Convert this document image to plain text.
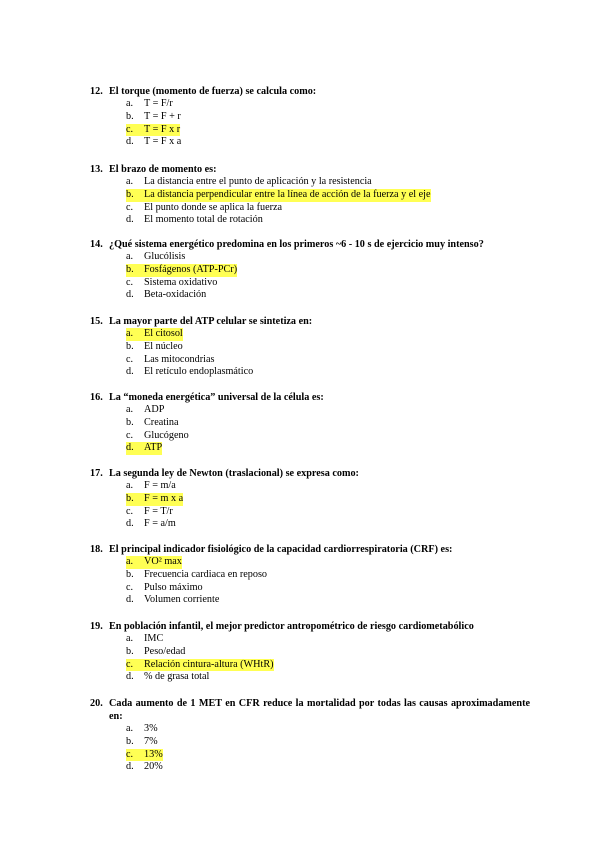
12. El torque (momento de fuerza) se calcula como:
a.	T = F/r
b.	T = F + r
c.	T = F x r
d.	T = F x a
13. El brazo de momento es:
a.	La distancia entre el punto de aplicación y la resistencia
b.	La distancia perpendicular entre la línea de acción de la fuerza y el eje
c.	El punto donde se aplica la fuerza
d.	El momento total de rotación
14. ¿Qué sistema energético predomina en los primeros ~6 - 10 s de ejercicio muy intenso?
a.	Glucólisis
b.	Fosfágenos (ATP-PCr)
c.	Sistema oxidativo
d.	Beta-oxidación
15. La mayor parte del ATP celular se sintetiza en:
a.	El citosol
b.	El núcleo
c.	Las mitocondrias
d.	El retículo endoplasmático
16. La “moneda energética” universal de la célula es:
a.	ADP
b.	Creatina
c.	Glucógeno
d.	ATP
17. La segunda ley de Newton (traslacional) se expresa como:
a.	F = m/a
b.	F = m x a
c.	F = T/r
d.	F = a/m
18. El principal indicador fisiológico de la capacidad cardiorrespiratoria (CRF) es:
a.	VO² max
b.	Frecuencia cardiaca en reposo
c.	Pulso máximo
d.	Volumen corriente
19. En población infantil, el mejor predictor antropométrico de riesgo cardiometabólico
a.	IMC
b.	Peso/edad
c.	Relación cintura-altura (WHtR)
d.	% de grasa total
20. Cada aumento de 1 MET en CFR reduce la mortalidad por todas las causas aproximadamente en:
a.	3%
b.	7%
c.	13%
d.	20%
